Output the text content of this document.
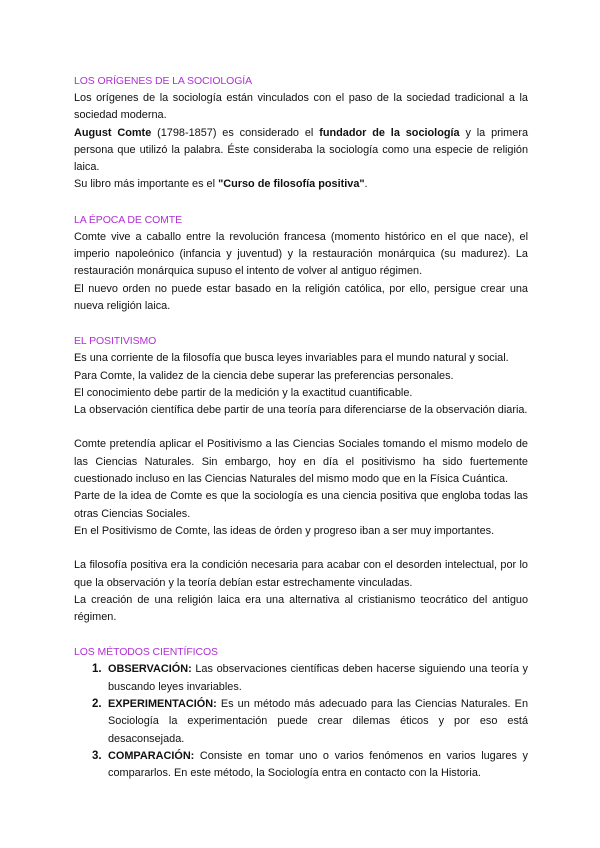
LOS ORÍGENES DE LA SOCIOLOGÍA

Los orígenes de la sociología están vinculados con el paso de la sociedad tradicional a la sociedad moderna.

August Comte (1798-1857) es considerado el fundador de la sociología y la primera persona que utilizó la palabra. Éste consideraba la sociología como una especie de religión laica.

Su libro más importante es el "Curso de filosofía positiva".

LA ÉPOCA DE COMTE

Comte vive a caballo entre la revolución francesa (momento histórico en el que nace), el imperio napoleónico (infancia y juventud) y la restauración monárquica (su madurez). La restauración monárquica supuso el intento de volver al antiguo régimen.

El nuevo orden no puede estar basado en la religión católica, por ello, persigue crear una nueva religión laica.

EL POSITIVISMO

Es una corriente de la filosofía que busca leyes invariables para el mundo natural y social.

Para Comte, la validez de la ciencia debe superar las preferencias personales.

El conocimiento debe partir de la medición y la exactitud cuantificable.

La observación científica debe partir de una teoría para diferenciarse de la observación diaria.

Comte pretendía aplicar el Positivismo a las Ciencias Sociales tomando el mismo modelo de las Ciencias Naturales. Sin embargo, hoy en día el positivismo ha sido fuertemente cuestionado incluso en las Ciencias Naturales del mismo modo que en la Física Cuántica.

Parte de la idea de Comte es que la sociología es una ciencia positiva que engloba todas las otras Ciencias Sociales.

En el Positivismo de Comte, las ideas de órden y progreso iban a ser muy importantes.

La filosofía positiva era la condición necesaria para acabar con el desorden intelectual, por lo que la observación y la teoría debían estar estrechamente vinculadas.

La creación de una religión laica era una alternativa al cristianismo teocrático del antiguo régimen.

LOS MÉTODOS CIENTÍFICOS

1. OBSERVACIÓN: Las observaciones científicas deben hacerse siguiendo una teoría y buscando leyes invariables.
2. EXPERIMENTACIÓN: Es un método más adecuado para las Ciencias Naturales. En Sociología la experimentación puede crear dilemas éticos y por eso está desaconsejada.
3. COMPARACIÓN: Consiste en tomar uno o varios fenómenos en varios lugares y compararlos. En este método, la Sociología entra en contacto con la Historia.
